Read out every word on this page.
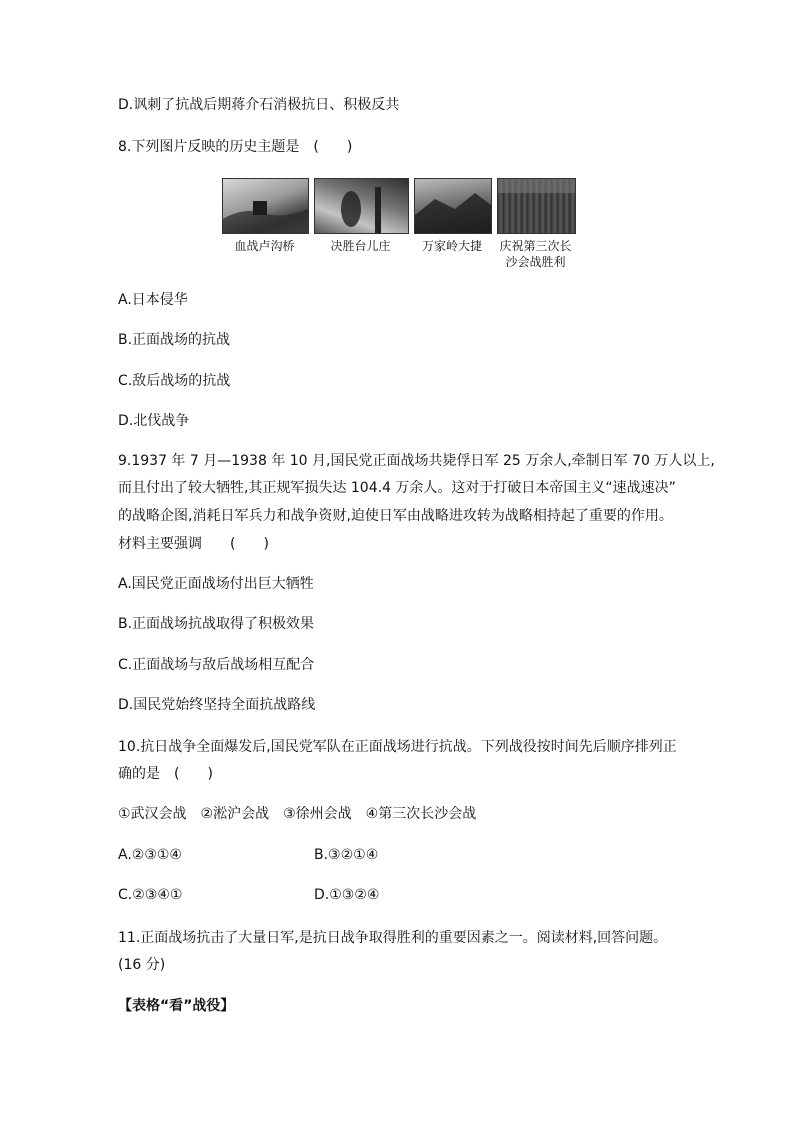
D.讽刺了抗战后期蒋介石消极抗日、积极反共
8.下列图片反映的历史主题是　(　　)
血战卢沟桥	决胜台儿庄	万家岭大捷	庆祝第三次长
沙会战胜利
A.日本侵华
B.正面战场的抗战
C.敌后战场的抗战
D.北伐战争
9.1937 年 7 月—1938 年 10 月,国民党正面战场共毙俘日军 25 万余人,牵制日军 70 万人以上,
而且付出了较大牺牲,其正规军损失达 104.4 万余人。这对于打破日本帝国主义“速战速决”
的战略企图,消耗日军兵力和战争资财,迫使日军由战略进攻转为战略相持起了重要的作用。
材料主要强调　　(　　)
A.国民党正面战场付出巨大牺牲
B.正面战场抗战取得了积极效果
C.正面战场与敌后战场相互配合
D.国民党始终坚持全面抗战路线
10.抗日战争全面爆发后,国民党军队在正面战场进行抗战。下列战役按时间先后顺序排列正
确的是　(　　)
①武汉会战　②淞沪会战　③徐州会战　④第三次长沙会战
A.②③①④	B.③②①④
C.②③④①	D.①③②④
11.正面战场抗击了大量日军,是抗日战争取得胜利的重要因素之一。阅读材料,回答问题。
(16 分)
【表格“看”战役】
